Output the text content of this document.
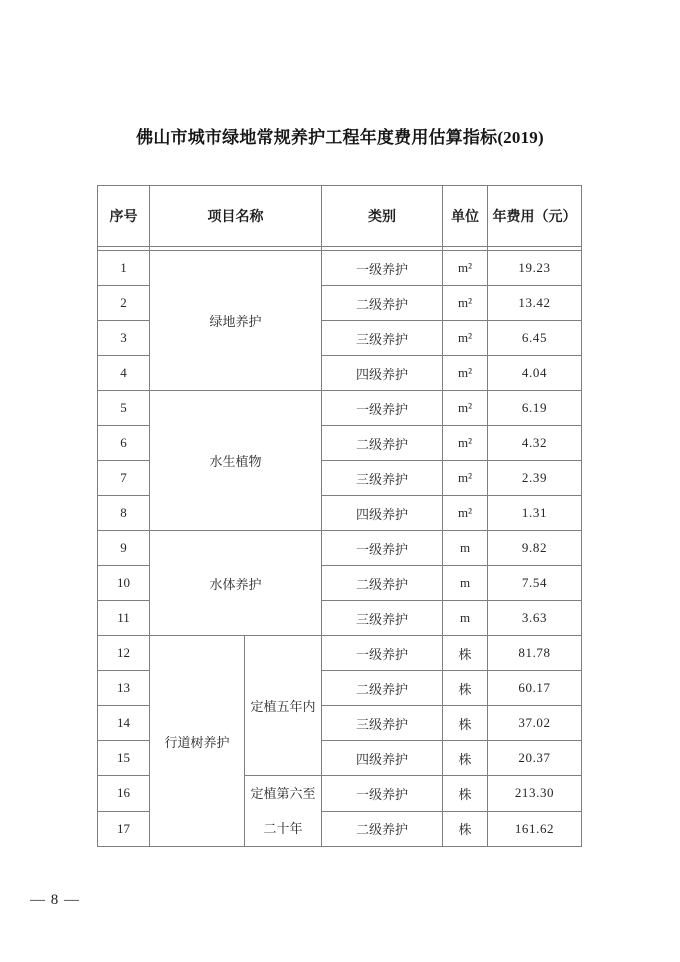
佛山市城市绿地常规养护工程年度费用估算指标(2019)
序号	项目名称		类别	单位	年费用（元）

1	绿地养护		一级养护	m²	19.23
2			二级养护	m²	13.42
3			三级养护	m²	6.45
4			四级养护	m²	4.04
5	水生植物		一级养护	m²	6.19
6			二级养护	m²	4.32
7			三级养护	m²	2.39
8			四级养护	m²	1.31
9	水体养护		一级养护	m	9.82
10			二级养护	m	7.54
11			三级养护	m	3.63
12	行道树养护	定植五年内	一级养护	株	81.78
13			二级养护	株	60.17
14			三级养护	株	37.02
15			四级养护	株	20.37
16		定植第六至二十年	一级养护	株	213.30
17			二级养护	株	161.62
— 8 —
